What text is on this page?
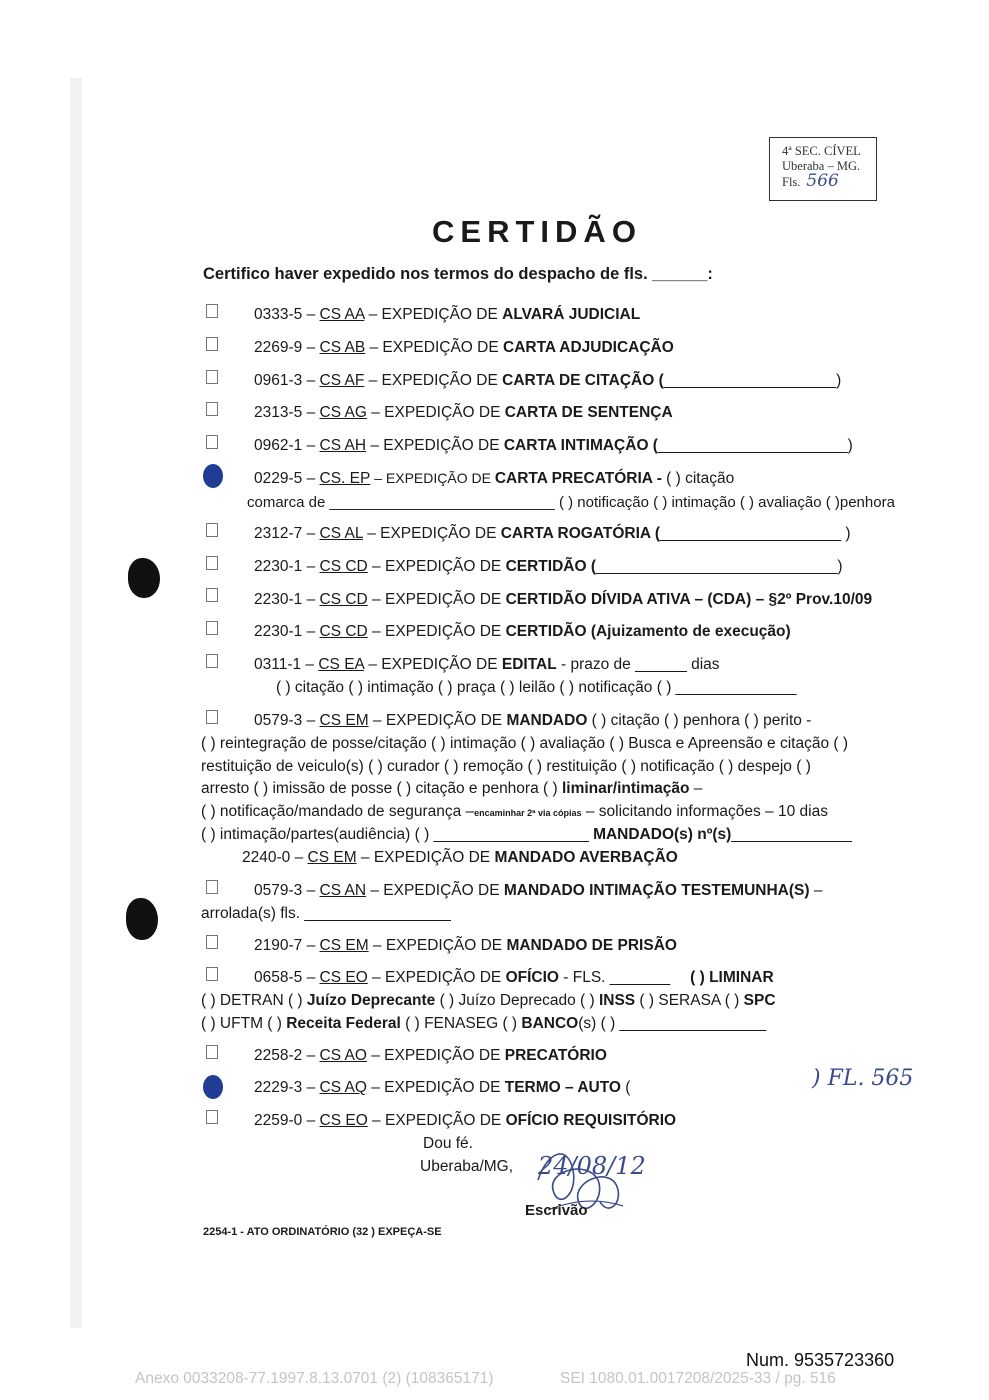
4ª SEC. CÍVEL
Uberaba – MG.
Fls. 566
CERTIDÃO
Certifico haver expedido nos termos do despacho de fls. ______:
0333-5 – CS AA – EXPEDIÇÃO DE ALVARÁ JUDICIAL
2269-9 – CS AB – EXPEDIÇÃO DE CARTA ADJUDICAÇÃO
0961-3 – CS AF – EXPEDIÇÃO DE CARTA DE CITAÇÃO (____________________)
2313-5 – CS AG – EXPEDIÇÃO DE CARTA DE SENTENÇA
0962-1 – CS AH – EXPEDIÇÃO DE CARTA INTIMAÇÃO (______________________)
0229-5 – CS. EP – EXPEDIÇÃO DE CARTA PRECATÓRIA - ( ) citação
comarca de ___________________________ ( ) notificação ( ) intimação ( ) avaliação ( )penhora
2312-7 – CS AL – EXPEDIÇÃO DE CARTA ROGATÓRIA (_____________________ )
2230-1 – CS CD – EXPEDIÇÃO DE CERTIDÃO (____________________________)
2230-1 – CS CD – EXPEDIÇÃO DE CERTIDÃO DÍVIDA ATIVA – (CDA) – §2º Prov.10/09
2230-1 – CS CD – EXPEDIÇÃO DE CERTIDÃO (Ajuizamento de execução)
0311-1 – CS EA – EXPEDIÇÃO DE EDITAL - prazo de ______ dias
( ) citação ( ) intimação ( ) praça ( ) leilão ( ) notificação ( ) ______________
0579-3 – CS EM – EXPEDIÇÃO DE MANDADO ( ) citação ( ) penhora ( ) perito -
( ) reintegração de posse/citação ( ) intimação ( ) avaliação ( ) Busca e Apreensão e citação ( )
restituição de veiculo(s) ( ) curador ( ) remoção ( ) restituição ( ) notificação ( ) despejo ( )
arresto ( ) imissão de posse ( ) citação e penhora ( ) liminar/intimação –
( ) notificação/mandado de segurança –encaminhar 2ª via cópias – solicitando informações – 10 dias
( ) intimação/partes(audiência) ( ) __________________ MANDADO(s) nº(s)______________
2240-0 – CS EM – EXPEDIÇÃO DE MANDADO AVERBAÇÃO
0579-3 – CS AN – EXPEDIÇÃO DE MANDADO INTIMAÇÃO TESTEMUNHA(S) –
arrolada(s) fls. _________________
2190-7 – CS EM – EXPEDIÇÃO DE MANDADO DE PRISÃO
0658-5 – CS EO – EXPEDIÇÃO DE OFÍCIO - FLS. _______ ( ) LIMINAR
( ) DETRAN ( ) Juízo Deprecante ( ) Juízo Deprecado ( ) INSS ( ) SERASA ( ) SPC
( ) UFTM ( ) Receita Federal ( ) FENASEG ( ) BANCO(s) ( ) _________________
2258-2 – CS AO – EXPEDIÇÃO DE PRECATÓRIO
2229-3 – CS AQ – EXPEDIÇÃO DE TERMO – AUTO (	) FL. 565
2259-0 – CS EO – EXPEDIÇÃO DE OFÍCIO REQUISITÓRIO
Dou fé.
Uberaba/MG, 24/08/12
Escrivão
2254-1 - ATO ORDINATÓRIO (32 ) EXPEÇA-SE
Num. 9535723360
Anexo 0033208-77.1997.8.13.0701 (2) (108365171)	SEI 1080.01.0017208/2025-33 / pg. 516
